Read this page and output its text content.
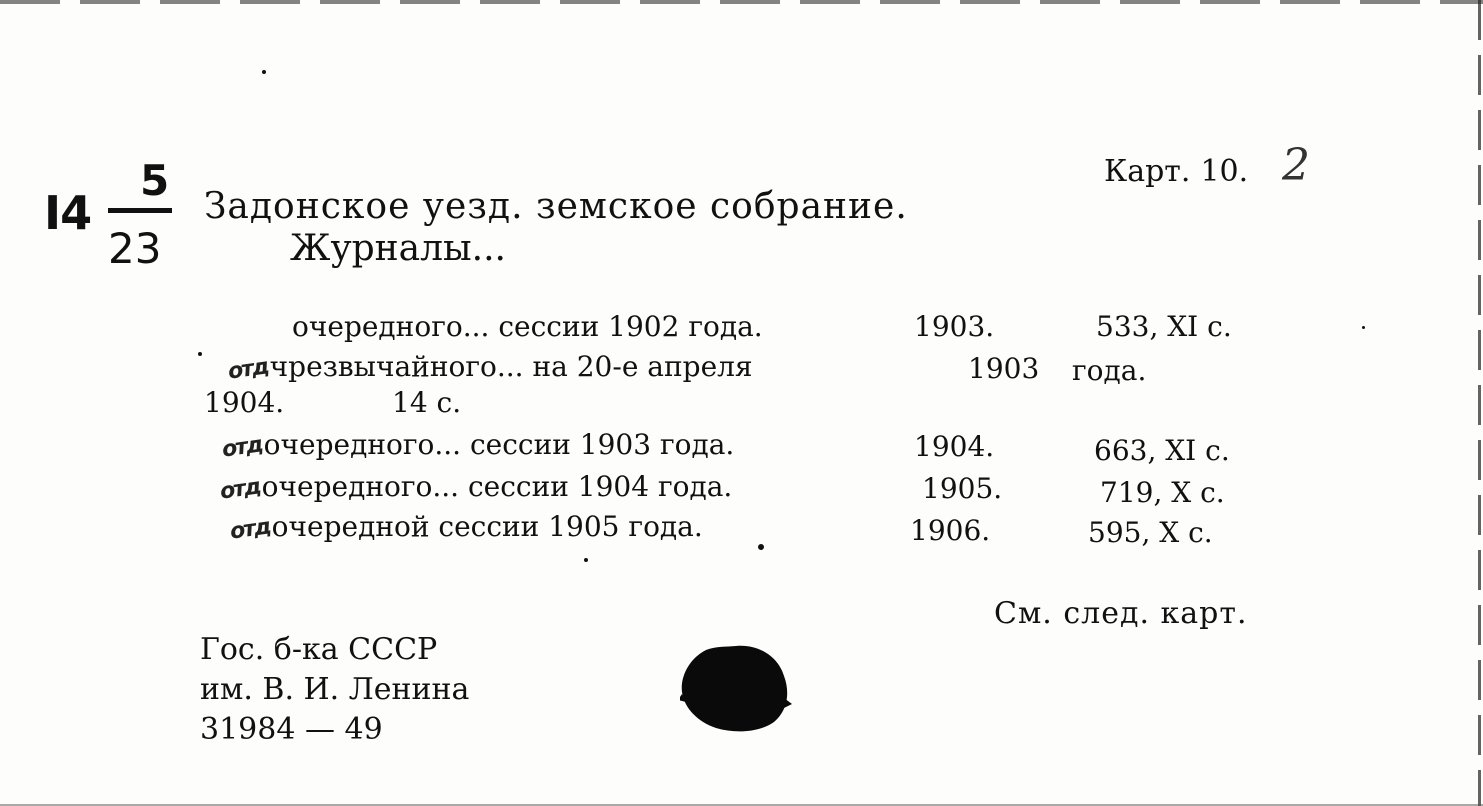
I4
5
23
Карт. 10. 2
Задонское уезд. земское собрание.
Журналы...
очередного... сессии 1902 года.	1903.	533, XI с.
отдчрезвычайного... на 20-е апреля	1903 года.
1904.	14 с.
отдочередного... сессии 1903 года.	1904.	663, XI с.
отдочередного... сессии 1904 года.	1905.	719, X с.
отдочередной сессии 1905 года.	1906.	595, X с.
См. след. карт.
Гос. б-ка СССР
им. В. И. Ленина
31984 — 49
